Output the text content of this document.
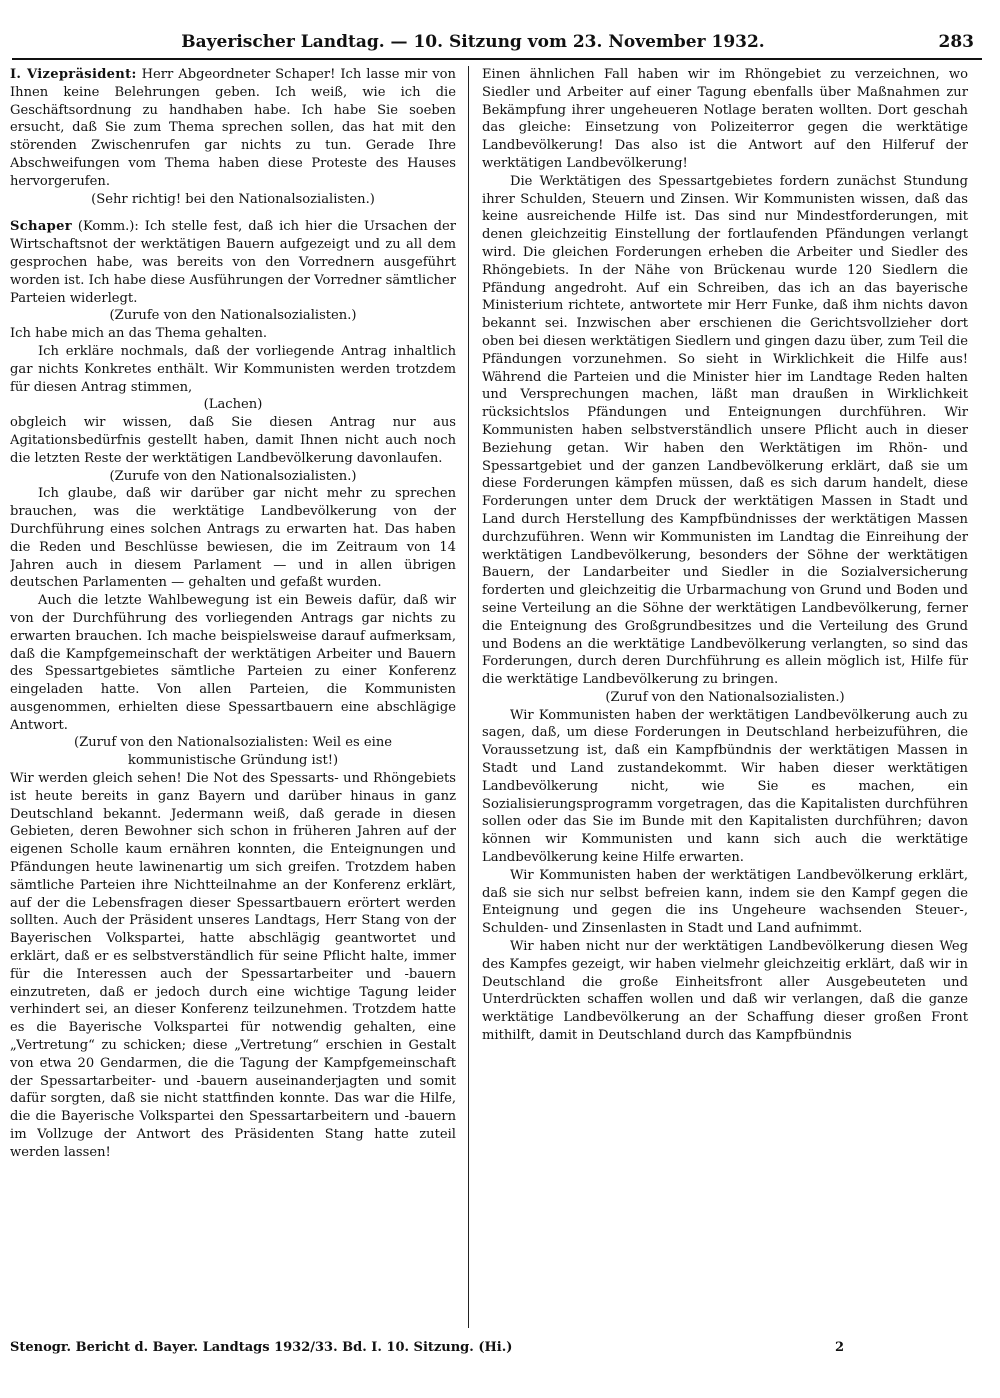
Bayerischer Landtag. — 10. Sitzung vom 23. November 1932.	283

I. Vizepräsident: Herr Abgeordneter Schaper! Ich lasse mir von Ihnen keine Belehrungen geben. Ich weiß, wie ich die Geschäftsordnung zu handhaben habe. Ich habe Sie soeben ersucht, daß Sie zum Thema sprechen sollen, das hat mit den störenden Zwischenrufen gar nichts zu tun. Gerade Ihre Abschweifungen vom Thema haben diese Proteste des Hauses hervorgerufen.

(Sehr richtig! bei den Nationalsozialisten.)

Schaper (Komm.): Ich stelle fest, daß ich hier die Ursachen der Wirtschaftsnot der werktätigen Bauern aufgezeigt und zu all dem gesprochen habe, was bereits von den Vorrednern ausgeführt worden ist. Ich habe diese Ausführungen der Vorredner sämtlicher Parteien widerlegt.

(Zurufe von den Nationalsozialisten.)

Ich habe mich an das Thema gehalten.

Ich erkläre nochmals, daß der vorliegende Antrag inhaltlich gar nichts Konkretes enthält. Wir Kommunisten werden trotzdem für diesen Antrag stimmen,

(Lachen)

obgleich wir wissen, daß Sie diesen Antrag nur aus Agitationsbedürfnis gestellt haben, damit Ihnen nicht auch noch die letzten Reste der werktätigen Landbevölkerung davonlaufen.

(Zurufe von den Nationalsozialisten.)

Ich glaube, daß wir darüber gar nicht mehr zu sprechen brauchen, was die werktätige Landbevölkerung von der Durchführung eines solchen Antrags zu erwarten hat. Das haben die Reden und Beschlüsse bewiesen, die im Zeitraum von 14 Jahren auch in diesem Parlament — und in allen übrigen deutschen Parlamenten — gehalten und gefaßt wurden.

Auch die letzte Wahlbewegung ist ein Beweis dafür, daß wir von der Durchführung des vorliegenden Antrags gar nichts zu erwarten brauchen. Ich mache beispielsweise darauf aufmerksam, daß die Kampfgemeinschaft der werktätigen Arbeiter und Bauern des Spessartgebietes sämtliche Parteien zu einer Konferenz eingeladen hatte. Von allen Parteien, die Kommunisten ausgenommen, erhielten diese Spessartbauern eine abschlägige Antwort.

(Zuruf von den Nationalsozialisten: Weil es eine

kommunistische Gründung ist!)

Wir werden gleich sehen! Die Not des Spessarts- und Rhöngebiets ist heute bereits in ganz Bayern und darüber hinaus in ganz Deutschland bekannt. Jedermann weiß, daß gerade in diesen Gebieten, deren Bewohner sich schon in früheren Jahren auf der eigenen Scholle kaum ernähren konnten, die Enteignungen und Pfändungen heute lawinenartig um sich greifen. Trotzdem haben sämtliche Parteien ihre Nichtteilnahme an der Konferenz erklärt, auf der die Lebensfragen dieser Spessartbauern erörtert werden sollten. Auch der Präsident unseres Landtags, Herr Stang von der Bayerischen Volkspartei, hatte abschlägig geantwortet und erklärt, daß er es selbstverständlich für seine Pflicht halte, immer für die Interessen auch der Spessartarbeiter und -bauern einzutreten, daß er jedoch durch eine wichtige Tagung leider verhindert sei, an dieser Konferenz teilzunehmen. Trotzdem hatte es die Bayerische Volkspartei für notwendig gehalten, eine „Vertretung“ zu schicken; diese „Vertretung“ erschien in Gestalt von etwa 20 Gendarmen, die die Tagung der Kampfgemeinschaft der Spessartarbeiter- und -bauern auseinanderjagten und somit dafür sorgten, daß sie nicht stattfinden konnte. Das war die Hilfe, die die Bayerische Volkspartei den Spessartarbeitern und -bauern im Vollzuge der Antwort des Präsidenten Stang hatte zuteil werden lassen!

Einen ähnlichen Fall haben wir im Rhöngebiet zu verzeichnen, wo Siedler und Arbeiter auf einer Tagung ebenfalls über Maßnahmen zur Bekämpfung ihrer ungeheueren Notlage beraten wollten. Dort geschah das gleiche: Einsetzung von Polizeiterror gegen die werktätige Landbevölkerung! Das also ist die Antwort auf den Hilferuf der werktätigen Landbevölkerung!

Die Werktätigen des Spessartgebietes fordern zunächst Stundung ihrer Schulden, Steuern und Zinsen. Wir Kommunisten wissen, daß das keine ausreichende Hilfe ist. Das sind nur Mindestforderungen, mit denen gleichzeitig Einstellung der fortlaufenden Pfändungen verlangt wird. Die gleichen Forderungen erheben die Arbeiter und Siedler des Rhöngebiets. In der Nähe von Brückenau wurde 120 Siedlern die Pfändung angedroht. Auf ein Schreiben, das ich an das bayerische Ministerium richtete, antwortete mir Herr Funke, daß ihm nichts davon bekannt sei. Inzwischen aber erschienen die Gerichtsvollzieher dort oben bei diesen werktätigen Siedlern und gingen dazu über, zum Teil die Pfändungen vorzunehmen. So sieht in Wirklichkeit die Hilfe aus! Während die Parteien und die Minister hier im Landtage Reden halten und Versprechungen machen, läßt man draußen in Wirklichkeit rücksichtslos Pfändungen und Enteignungen durchführen. Wir Kommunisten haben selbstverständlich unsere Pflicht auch in dieser Beziehung getan. Wir haben den Werktätigen im Rhön- und Spessartgebiet und der ganzen Landbevölkerung erklärt, daß sie um diese Forderungen kämpfen müssen, daß es sich darum handelt, diese Forderungen unter dem Druck der werktätigen Massen in Stadt und Land durch Herstellung des Kampfbündnisses der werktätigen Massen durchzuführen. Wenn wir Kommunisten im Landtag die Einreihung der werktätigen Landbevölkerung, besonders der Söhne der werktätigen Bauern, der Landarbeiter und Siedler in die Sozialversicherung forderten und gleichzeitig die Urbarmachung von Grund und Boden und seine Verteilung an die Söhne der werktätigen Landbevölkerung, ferner die Enteignung des Großgrundbesitzes und die Verteilung des Grund und Bodens an die werktätige Landbevölkerung verlangten, so sind das Forderungen, durch deren Durchführung es allein möglich ist, Hilfe für die werktätige Landbevölkerung zu bringen.

(Zuruf von den Nationalsozialisten.)

Wir Kommunisten haben der werktätigen Landbevölkerung auch zu sagen, daß, um diese Forderungen in Deutschland herbeizuführen, die Voraussetzung ist, daß ein Kampfbündnis der werktätigen Massen in Stadt und Land zustandekommt. Wir haben dieser werktätigen Landbevölkerung nicht, wie Sie es machen, ein Sozialisierungsprogramm vorgetragen, das die Kapitalisten durchführen sollen oder das Sie im Bunde mit den Kapitalisten durchführen; davon können wir Kommunisten und kann sich auch die werktätige Landbevölkerung keine Hilfe erwarten.

Wir Kommunisten haben der werktätigen Landbevölkerung erklärt, daß sie sich nur selbst befreien kann, indem sie den Kampf gegen die Enteignung und gegen die ins Ungeheure wachsenden Steuer-, Schulden- und Zinsenlasten in Stadt und Land aufnimmt.

Wir haben nicht nur der werktätigen Landbevölkerung diesen Weg des Kampfes gezeigt, wir haben vielmehr gleichzeitig erklärt, daß wir in Deutschland die große Einheitsfront aller Ausgebeuteten und Unterdrückten schaffen wollen und daß wir verlangen, daß die ganze werktätige Landbevölkerung an der Schaffung dieser großen Front mithilft, damit in Deutschland durch das Kampfbündnis

Stenogr. Bericht d. Bayer. Landtags 1932/33. Bd. I. 10. Sitzung. (Hi.)	2
